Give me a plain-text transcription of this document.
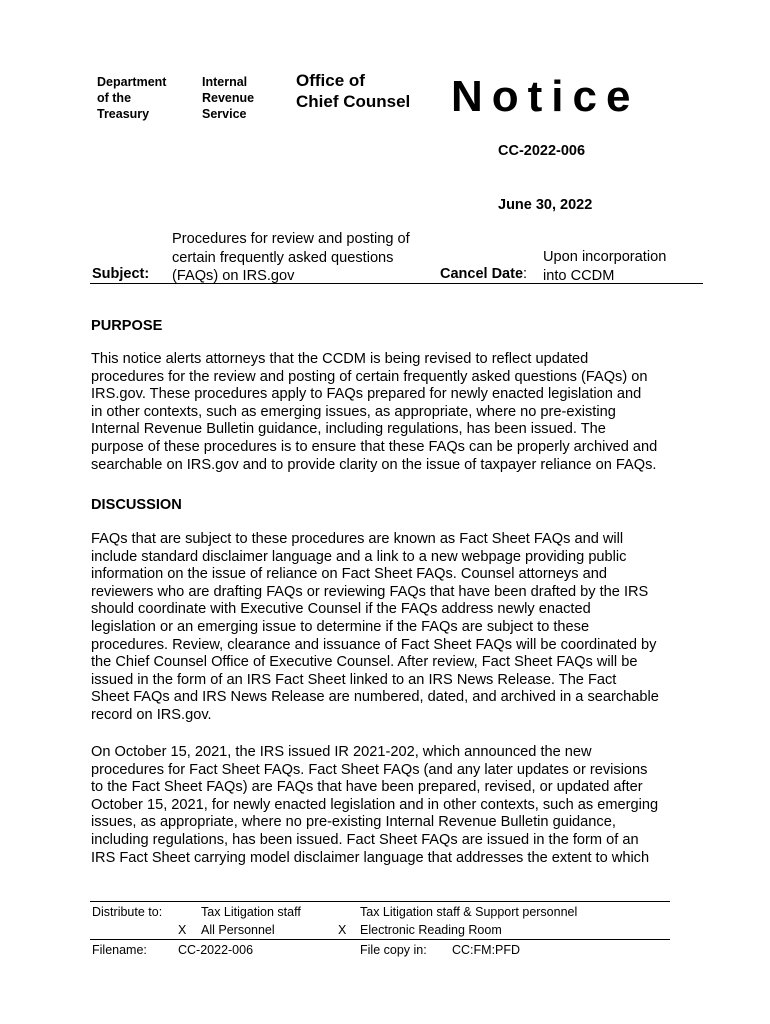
Department
of the
Treasury
Internal
Revenue
Service
Office of
Chief Counsel Notice
CC-2022-006
June 30, 2022
Subject:
Procedures for review and posting of
certain frequently asked questions
(FAQs) on IRS.gov	Cancel Date:
Upon incorporation
into CCDM
PURPOSE
This notice alerts attorneys that the CCDM is being revised to reflect updated
procedures for the review and posting of certain frequently asked questions (FAQs) on
IRS.gov. These procedures apply to FAQs prepared for newly enacted legislation and
in other contexts, such as emerging issues, as appropriate, where no pre-existing
Internal Revenue Bulletin guidance, including regulations, has been issued. The
purpose of these procedures is to ensure that these FAQs can be properly archived and
searchable on IRS.gov and to provide clarity on the issue of taxpayer reliance on FAQs.
DISCUSSION
FAQs that are subject to these procedures are known as Fact Sheet FAQs and will
include standard disclaimer language and a link to a new webpage providing public
information on the issue of reliance on Fact Sheet FAQs. Counsel attorneys and
reviewers who are drafting FAQs or reviewing FAQs that have been drafted by the IRS
should coordinate with Executive Counsel if the FAQs address newly enacted
legislation or an emerging issue to determine if the FAQs are subject to these
procedures. Review, clearance and issuance of Fact Sheet FAQs will be coordinated by
the Chief Counsel Office of Executive Counsel. After review, Fact Sheet FAQs will be
issued in the form of an IRS Fact Sheet linked to an IRS News Release. The Fact
Sheet FAQs and IRS News Release are numbered, dated, and archived in a searchable
record on IRS.gov.
On October 15, 2021, the IRS issued IR 2021-202, which announced the new
procedures for Fact Sheet FAQs. Fact Sheet FAQs (and any later updates or revisions
to the Fact Sheet FAQs) are FAQs that have been prepared, revised, or updated after
October 15, 2021, for newly enacted legislation and in other contexts, such as emerging
issues, as appropriate, where no pre-existing Internal Revenue Bulletin guidance,
including regulations, has been issued. Fact Sheet FAQs are issued in the form of an
IRS Fact Sheet carrying model disclaimer language that addresses the extent to which
Distribute to:	Tax Litigation staff	Tax Litigation staff & Support personnel
X All Personnel	X Electronic Reading Room
Filename: CC-2022-006	File copy in: CC:FM:PFD
